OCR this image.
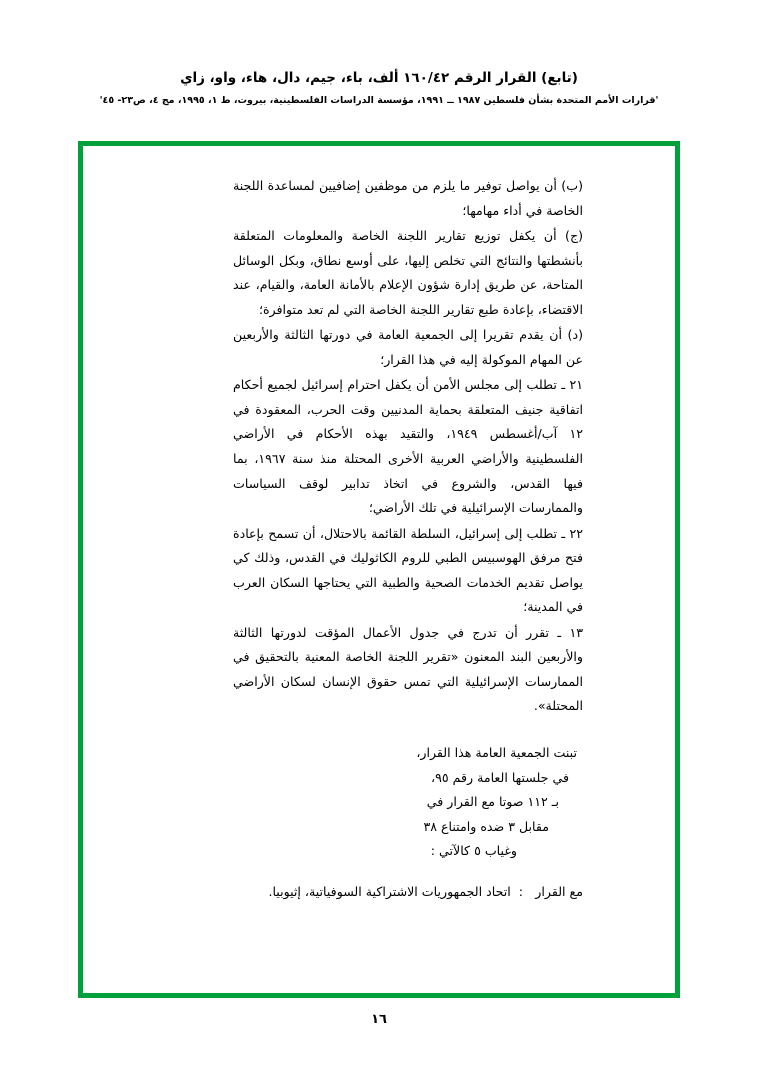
(تابع) القرار الرقم ١٦٠/٤٢ ألف، باء، جيم، دال، هاء، واو، زاي
'قرارات الأمم المتحدة بشأن فلسطين ١٩٨٧ ــ ١٩٩١، مؤسسة الدراسات الفلسطينية، بيروت، ط ١، ١٩٩٥، مج ٤، ص٢٣- ٤٥'

(ب) أن يواصل توفير ما يلزم من موظفين إضافيين لمساعدة اللجنة الخاصة في أداء مهامها؛

(ج) أن يكفل توزيع تقارير اللجنة الخاصة والمعلومات المتعلقة بأنشطتها والنتائج التي تخلص إليها، على أوسع نطاق، وبكل الوسائل المتاحة، عن طريق إدارة شؤون الإعلام بالأمانة العامة، والقيام، عند الاقتضاء، بإعادة طبع تقارير اللجنة الخاصة التي لم تعد متوافرة؛

(د) أن يقدم تقريرا إلى الجمعية العامة في دورتها الثالثة والأربعين عن المهام الموكولة إليه في هذا القرار؛

٢١ ـ تطلب إلى مجلس الأمن أن يكفل احترام إسرائيل لجميع أحكام اتفاقية جنيف المتعلقة بحماية المدنيين وقت الحرب، المعقودة في ١٢ آب/أغسطس ١٩٤٩، والتقيد بهذه الأحكام في الأراضي الفلسطينية والأراضي العربية الأخرى المحتلة منذ سنة ١٩٦٧، بما فيها القدس، والشروع في اتخاذ تدابير لوقف السياسات والممارسات الإسرائيلية في تلك الأراضي؛

٢٢ ـ تطلب إلى إسرائيل، السلطة القائمة بالاحتلال، أن تسمح بإعادة فتح مرفق الهوسبيس الطبي للروم الكاثوليك في القدس، وذلك كي يواصل تقديم الخدمات الصحية والطبية التي يحتاجها السكان العرب في المدينة؛

١٣ ـ تقرر أن تدرج في جدول الأعمال المؤقت لدورتها الثالثة والأربعين البند المعنون «تقرير اللجنة الخاصة المعنية بالتحقيق في الممارسات الإسرائيلية التي تمس حقوق الإنسان لسكان الأراضي المحتلة».

تبنت الجمعية العامة هذا القرار،

في جلستها العامة رقم ٩٥،

بـ ١١٢ صوتا مع القرار في

مقابل ٣ ضده وامتناع ٣٨

وغياب ٥ كالآتي :

مع القرار:  اتحاد الجمهوريات الاشتراكية السوفياتية، إثيوبيا.
١٦
